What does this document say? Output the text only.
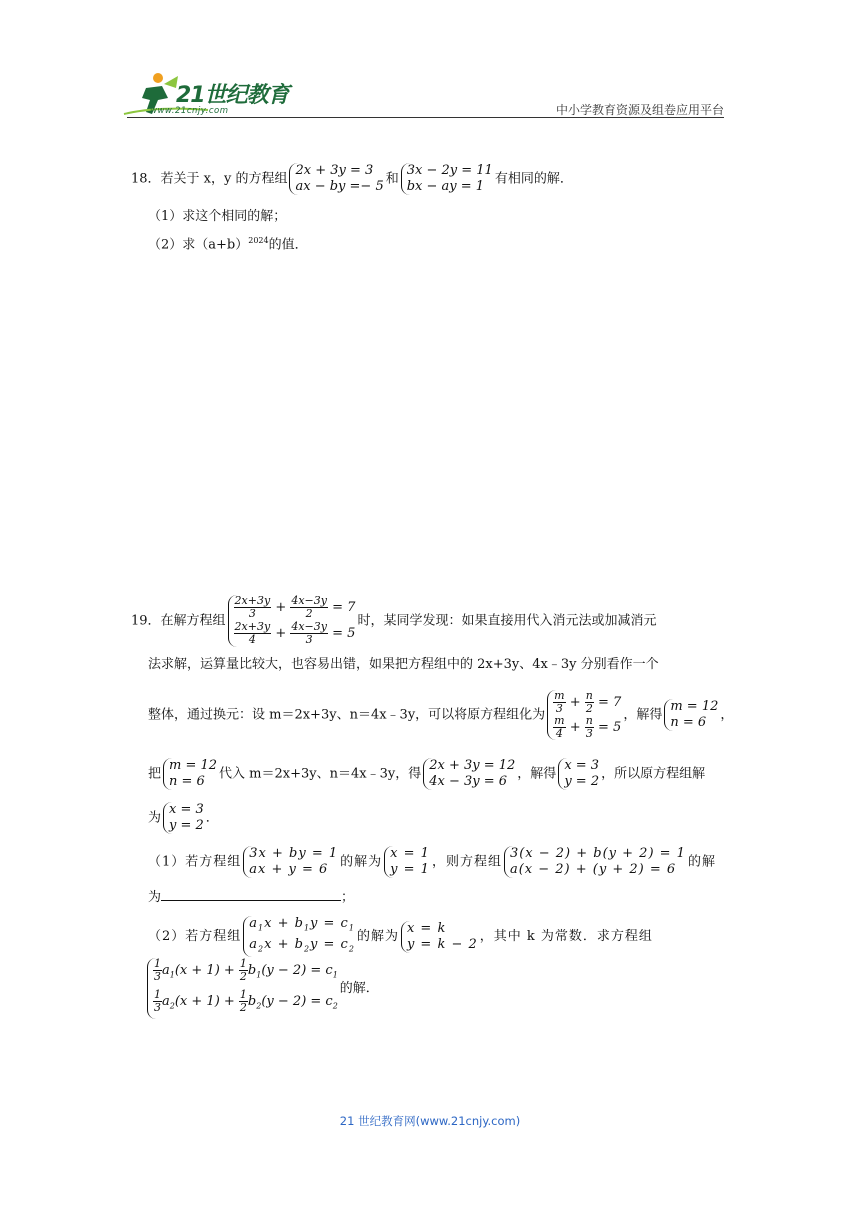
21世纪教育
www.21cnjy.com	中小学教育资源及组卷应用平台
18．若关于 x，y 的方程组
2x + 3y = 3
ax − by =− 5 和
3x − 2y = 11
bx − ay = 1 有相同的解．
（1）求这个相同的解；
（2）求$(a+b)^{2024}$的值．
19．在解方程组
$\frac{2x+3y}{3} + \frac{4x-3y}{2} = 7$
$\frac{2x+3y}{4} + \frac{4x-3y}{3} = 5$
时，某同学发现：如果直接用代入消元法或加减消元
法求解，运算量比较大，也容易出错，如果把方程组中的 2x+3y、4x﹣3y 分别看作一个
整体，通过换元：设 m＝2x+3y、n＝4x﹣3y，可以将原方程组化为 $\frac{m}{3} + \frac{n}{2} = 7$
$\frac{m}{4} + \frac{n}{3} = 5$
，解得
m = 12
n = 6	，
把
m = 12
n = 6	代入 m＝2x+3y、n＝4x﹣3y，得
2x + 3y = 12
4x − 3y = 6 ，解得
x = 3
y = 2 ，所以原方程组解
为
x = 3
y = 2 ．
（1）若方程组
3x + by = 1
ax + y = 6 的解为
x = 1
y = 1 ，则方程组
3(x − 2) + b(y + 2) = 1
a(x − 2) + (y + 2) = 6 的解
为	；
（2）若方程组
$a_1x + b_1y = c_1$
$a_2x + b_2y = c_2$
的解为
x = k
y = k − 2 ，其中 k 为常数．求方程组
$\frac{1}{3} a_1(x + 1) + \frac{1}{2} b_1(y - 2) = c_1$
$\frac{1}{3} a_2(x + 1) + \frac{1}{2} b_2(y - 2) = c_2$
的解．
21 世纪教育网(www.21cnjy.com)
